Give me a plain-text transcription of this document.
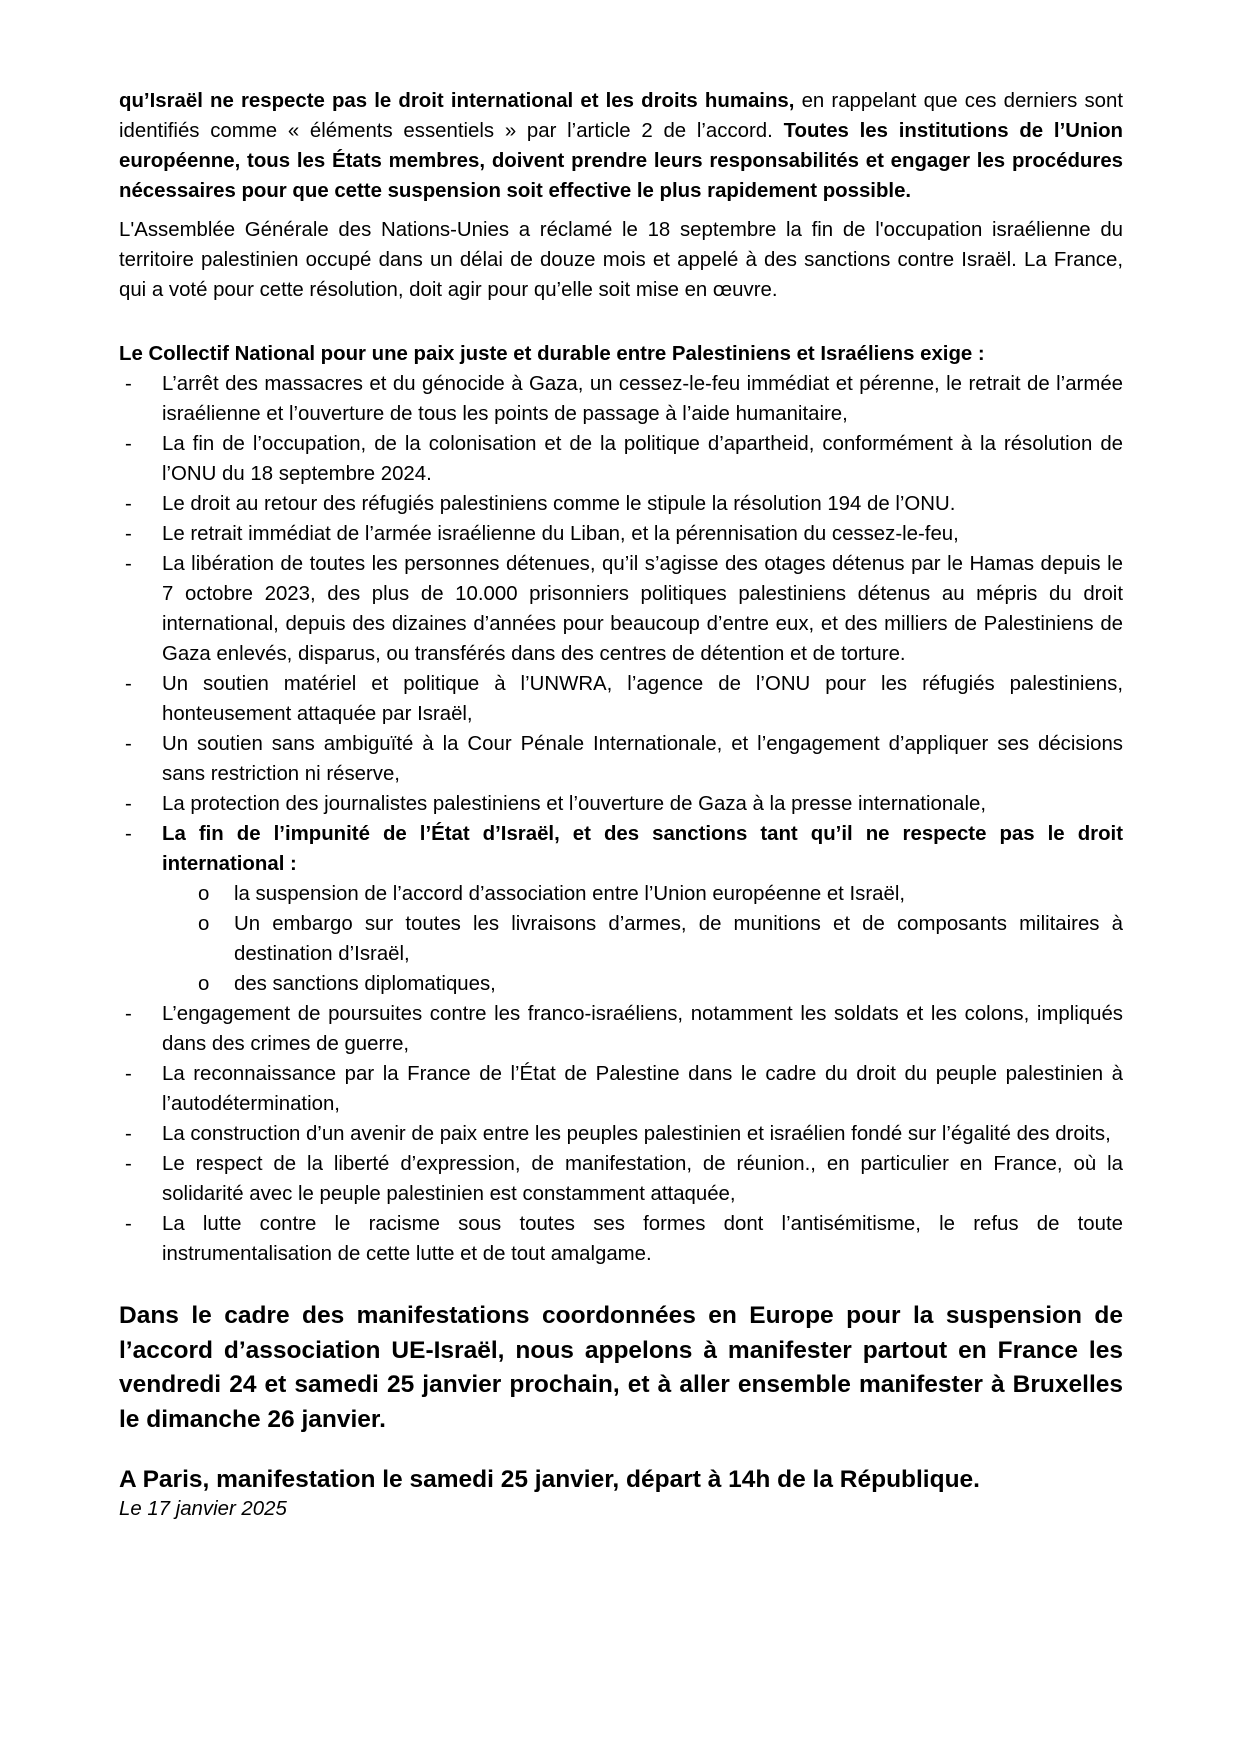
qu’Israël ne respecte pas le droit international et les droits humains, en rappelant que ces derniers sont identifiés comme « éléments essentiels » par l’article 2 de l’accord. Toutes les institutions de l’Union européenne, tous les États membres, doivent prendre leurs responsabilités et engager les procédures nécessaires pour que cette suspension soit effective le plus rapidement possible.

L'Assemblée Générale des Nations-Unies a réclamé le 18 septembre la fin de l'occupation israélienne du territoire palestinien occupé dans un délai de douze mois et appelé à des sanctions contre Israël. La France, qui a voté pour cette résolution, doit agir pour qu’elle soit mise en œuvre.

Le Collectif National pour une paix juste et durable entre Palestiniens et Israéliens exige :

- L’arrêt des massacres et du génocide à Gaza, un cessez-le-feu immédiat et pérenne, le retrait de l’armée israélienne et l’ouverture de tous les points de passage à l’aide humanitaire,
- La fin de l’occupation, de la colonisation et de la politique d’apartheid, conformément à la résolution de l’ONU du 18 septembre 2024.
- Le droit au retour des réfugiés palestiniens comme le stipule la résolution 194 de l’ONU.
- Le retrait immédiat de l’armée israélienne du Liban, et la pérennisation du cessez-le-feu,
- La libération de toutes les personnes détenues, qu’il s’agisse des otages détenus par le Hamas depuis le 7 octobre 2023, des plus de 10.000 prisonniers politiques palestiniens détenus au mépris du droit international, depuis des dizaines d’années pour beaucoup d’entre eux, et des milliers de Palestiniens de Gaza enlevés, disparus, ou transférés dans des centres de détention et de torture.
- Un soutien matériel et politique à l’UNWRA, l’agence de l’ONU pour les réfugiés palestiniens, honteusement attaquée par Israël,
- Un soutien sans ambiguïté à la Cour Pénale Internationale, et l’engagement d’appliquer ses décisions sans restriction ni réserve,
- La protection des journalistes palestiniens et l’ouverture de Gaza à la presse internationale,
- La fin de l’impunité de l’État d’Israël, et des sanctions tant qu’il ne respecte pas le droit international :
o la suspension de l’accord d’association entre l’Union européenne et Israël,
o Un embargo sur toutes les livraisons d’armes, de munitions et de composants militaires à destination d’Israël,
o des sanctions diplomatiques,
- L’engagement de poursuites contre les franco-israéliens, notamment les soldats et les colons, impliqués dans des crimes de guerre,
- La reconnaissance par la France de l’État de Palestine dans le cadre du droit du peuple palestinien à l’autodétermination,
- La construction d’un avenir de paix entre les peuples palestinien et israélien fondé sur l’égalité des droits,
- Le respect de la liberté d’expression, de manifestation, de réunion., en particulier en France, où la solidarité avec le peuple palestinien est constamment attaquée,
- La lutte contre le racisme sous toutes ses formes dont l’antisémitisme, le refus de toute instrumentalisation de cette lutte et de tout amalgame.

Dans le cadre des manifestations coordonnées en Europe pour la suspension de l’accord d’association UE-Israël, nous appelons à manifester partout en France les vendredi 24 et samedi 25 janvier prochain, et à aller ensemble manifester à Bruxelles le dimanche 26 janvier.

A Paris, manifestation le samedi 25 janvier, départ à 14h de la République.

Le 17 janvier 2025
